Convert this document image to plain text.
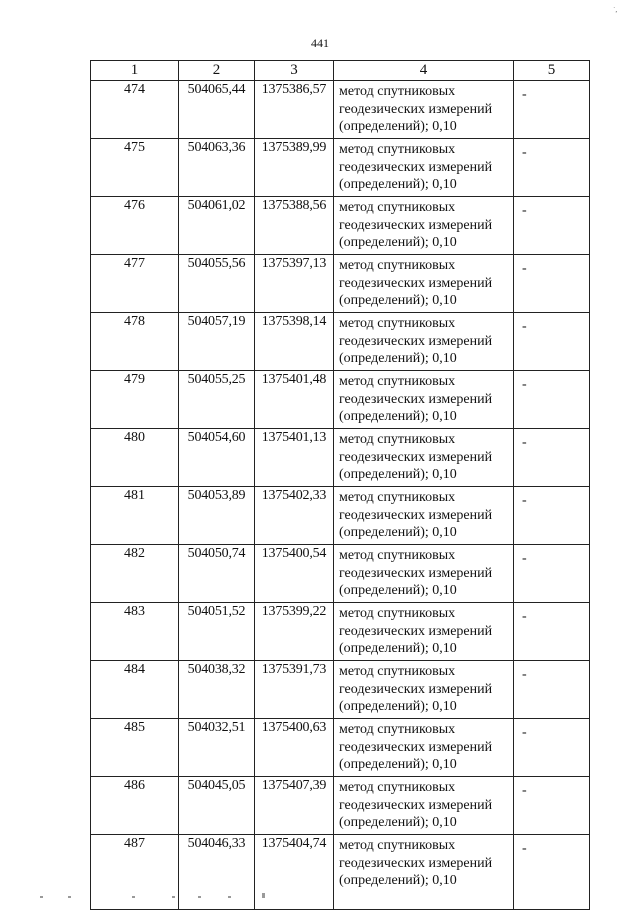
441
˙,
1	2	3	4	5
474	504065,44	1375386,57	метод спутниковых геодезических измерений (определений); 0,10	-
475	504063,36	1375389,99	метод спутниковых геодезических измерений (определений); 0,10	-
476	504061,02	1375388,56	метод спутниковых геодезических измерений (определений); 0,10	-
477	504055,56	1375397,13	метод спутниковых геодезических измерений (определений); 0,10	-
478	504057,19	1375398,14	метод спутниковых геодезических измерений (определений); 0,10	-
479	504055,25	1375401,48	метод спутниковых геодезических измерений (определений); 0,10	-
480	504054,60	1375401,13	метод спутниковых геодезических измерений (определений); 0,10	-
481	504053,89	1375402,33	метод спутниковых геодезических измерений (определений); 0,10	-
482	504050,74	1375400,54	метод спутниковых геодезических измерений (определений); 0,10	-
483	504051,52	1375399,22	метод спутниковых геодезических измерений (определений); 0,10	-
484	504038,32	1375391,73	метод спутниковых геодезических измерений (определений); 0,10	-
485	504032,51	1375400,63	метод спутниковых геодезических измерений (определений); 0,10	-
486	504045,05	1375407,39	метод спутниковых геодезических измерений (определений); 0,10	-
487	504046,33	1375404,74	метод спутниковых геодезических измерений (определений); 0,10	-
